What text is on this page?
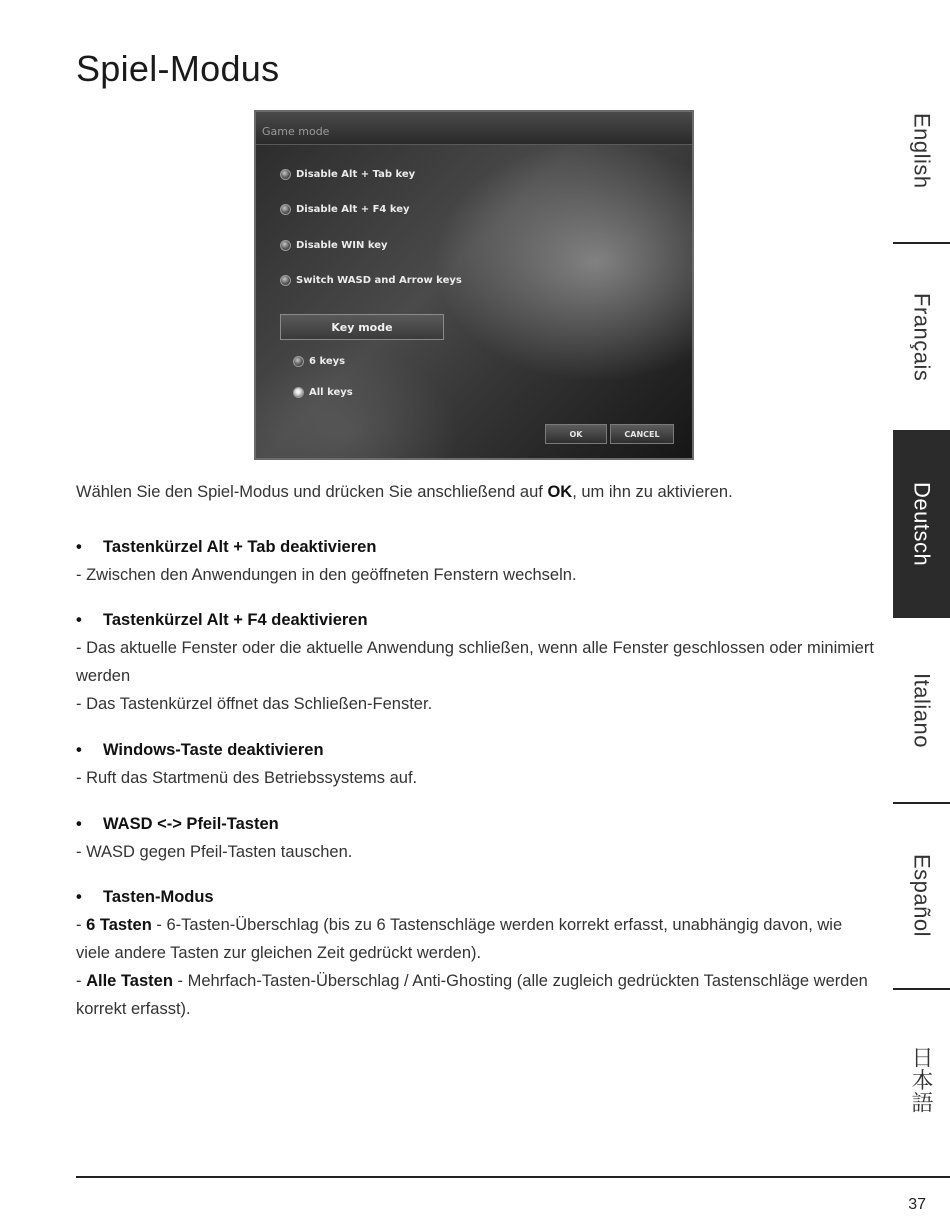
Spiel-Modus
Game mode
Disable Alt + Tab key
Disable Alt + F4 key
Disable WIN key
Switch WASD and Arrow keys
Key mode
6 keys
All keys
OK	CANCEL
Wählen Sie den Spiel-Modus und drücken Sie anschließend auf OK, um ihn zu aktivieren.
• Tastenkürzel Alt + Tab deaktivieren
- Zwischen den Anwendungen in den geöffneten Fenstern wechseln.
• Tastenkürzel Alt + F4 deaktivieren
- Das aktuelle Fenster oder die aktuelle Anwendung schließen, wenn alle Fenster geschlossen oder minimiert werden
- Das Tastenkürzel öffnet das Schließen-Fenster.
• Windows-Taste deaktivieren
- Ruft das Startmenü des Betriebssystems auf.
• WASD <-> Pfeil-Tasten
- WASD gegen Pfeil-Tasten tauschen.
• Tasten-Modus
- 6 Tasten - 6-Tasten-Überschlag (bis zu 6 Tastenschläge werden korrekt erfasst, unabhängig davon, wie viele andere Tasten zur gleichen Zeit gedrückt werden).
- Alle Tasten - Mehrfach-Tasten-Überschlag / Anti-Ghosting (alle zugleich gedrückten Tastenschläge werden korrekt erfasst).
English
Français
Deutsch
Italiano
Español
日本語
37
